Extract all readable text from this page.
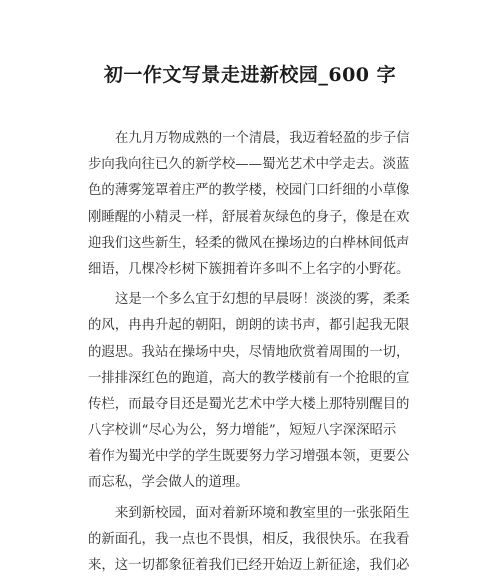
初一作文写景走进新校园_600 字
在九月万物成熟的一个清晨，我迈着轻盈的步子信
步向我向往已久的新学校——蜀光艺术中学走去。淡蓝
色的薄雾笼罩着庄严的教学楼，校园门口纤细的小草像
刚睡醒的小精灵一样，舒展着灰绿色的身子，像是在欢
迎我们这些新生，轻柔的微风在操场边的白桦林间低声
细语，几棵冷杉树下簇拥着许多叫不上名字的小野花。
这是一个多么宜于幻想的早晨呀！淡淡的雾，柔柔
的风，冉冉升起的朝阳，朗朗的读书声，都引起我无限
的遐思。我站在操场中央，尽情地欣赏着周围的一切，
一排排深红色的跑道，高大的教学楼前有一个抢眼的宣
传栏，而最夺目还是蜀光艺术中学大楼上那特别醒目的
八字校训“尽心为公，努力增能”，短短八字深深昭示
着作为蜀光中学的学生既要努力学习增强本领，更要公
而忘私，学会做人的道理。
来到新校园，面对着新环境和教室里的一张张陌生
的新面孔，我一点也不畏惧，相反，我很快乐。在我看
来，这一切都象征着我们已经开始迈上新征途，我们必
